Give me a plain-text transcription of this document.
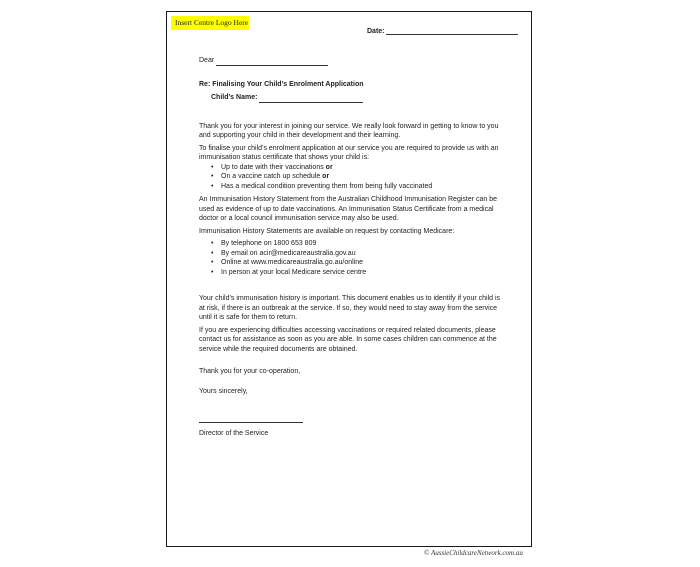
Insert Centre Logo Here
Date:

Dear

Re: Finalising Your Child’s Enrolment Application

Child’s Name:

Thank you for your interest in joining our service. We really look forward in getting to know to you and supporting your child in their development and their learning.

To finalise your child’s enrolment application at our service you are required to provide us with an immunisation status certificate that shows your child is:

• Up to date with their vaccinations or
• On a vaccine catch up schedule or
• Has a medical condition preventing them from being fully vaccinated

An Immunisation History Statement from the Australian Childhood Immunisation Register can be used as evidence of up to date vaccinations. An Immunisation Status Certificate from a medical doctor or a local council immunisation service may also be used.

Immunisation History Statements are available on request by contacting Medicare:

• By telephone on 1800 653 809
• By email on acir@medicareaustralia.gov.au
• Online at www.medicareaustralia.go.au/online
• In person at your local Medicare service centre

Your child’s immunisation history is important. This document enables us to identify if your child is at risk, if there is an outbreak at the service. If so, they would need to stay away from the service until it is safe for them to return.

If you are experiencing difficulties accessing vaccinations or required related documents, please contact us for assistance as soon as you are able. In some cases children can commence at the service while the required documents are obtained.

Thank you for your co-operation,

Yours sincerely,

Director of the Service

© AussieChildcareNetwork.com.au
